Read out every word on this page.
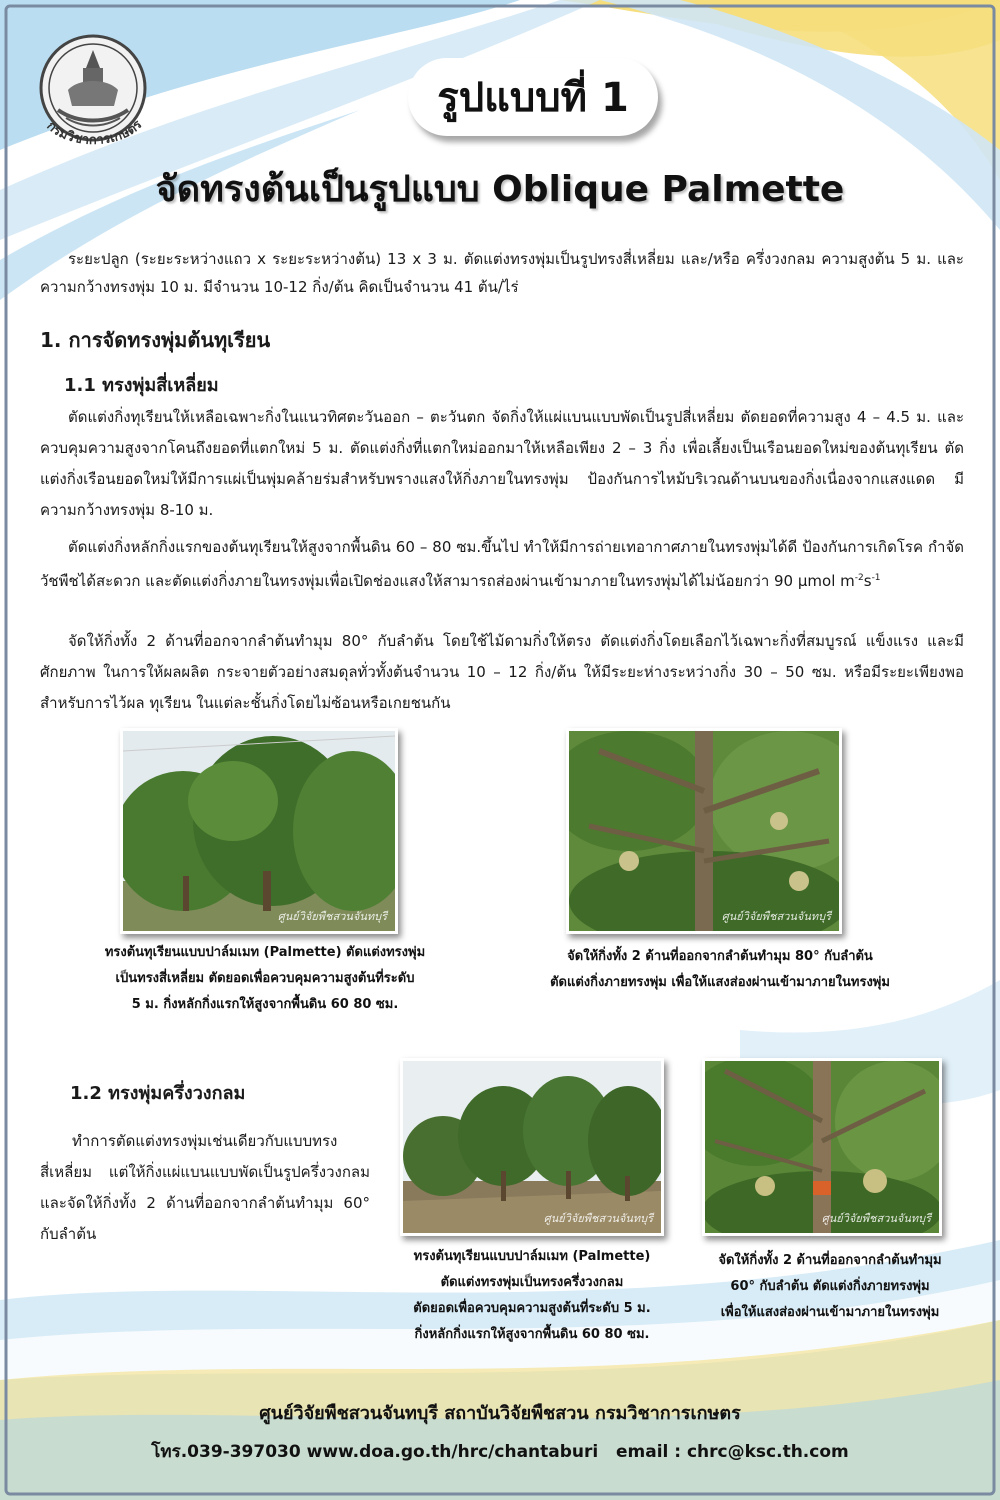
กรมวิชาการเกษตร
รูปแบบที่ 1
จัดทรงต้นเป็นรูปแบบ Oblique Palmette
ระยะปลูก (ระยะระหว่างแถว x ระยะระหว่างต้น) 13 x 3 ม. ตัดแต่งทรงพุ่มเป็นรูปทรงสี่เหลี่ยม และ/หรือ ครึ่งวงกลม ความสูงต้น 5 ม. และความกว้างทรงพุ่ม 10 ม. มีจำนวน 10-12 กิ่ง/ต้น คิดเป็นจำนวน 41 ต้น/ไร่
1. การจัดทรงพุ่มต้นทุเรียน
1.1 ทรงพุ่มสี่เหลี่ยม
ตัดแต่งกิ่งทุเรียนให้เหลือเฉพาะกิ่งในแนวทิศตะวันออก – ตะวันตก จัดกิ่งให้แผ่แบนแบบพัดเป็นรูปสี่เหลี่ยม ตัดยอดที่ความสูง 4 – 4.5 ม. และควบคุมความสูงจากโคนถึงยอดที่แตกใหม่ 5 ม. ตัดแต่งกิ่งที่แตกใหม่ออกมาให้เหลือเพียง 2 – 3 กิ่ง เพื่อเลี้ยงเป็นเรือนยอดใหม่ของต้นทุเรียน ตัดแต่งกิ่งเรือนยอดใหม่ให้มีการแผ่เป็นพุ่มคล้ายร่มสำหรับพรางแสงให้กิ่งภายในทรงพุ่ม ป้องกันการไหม้บริเวณด้านบนของกิ่งเนื่องจากแสงแดด มีความกว้างทรงพุ่ม 8-10 ม.
ตัดแต่งกิ่งหลักกิ่งแรกของต้นทุเรียนให้สูงจากพื้นดิน 60 – 80 ซม.ขึ้นไป ทำให้มีการถ่ายเทอากาศภายในทรงพุ่มได้ดี ป้องกันการเกิดโรค กำจัดวัชพืชได้สะดวก และตัดแต่งกิ่งภายในทรงพุ่มเพื่อเปิดช่องแสงให้สามารถส่องผ่านเข้ามาภายในทรงพุ่มได้ไม่น้อยกว่า 90 µmol $m^{-2}s^{-1}$
จัดให้กิ่งทั้ง 2 ด้านที่ออกจากลำต้นทำมุม 80° กับลำต้น โดยใช้ไม้ดามกิ่งให้ตรง ตัดแต่งกิ่งโดยเลือกไว้เฉพาะกิ่งที่สมบูรณ์ แข็งแรง และมีศักยภาพ ในการให้ผลผลิต กระจายตัวอย่างสมดุลทั่วทั้งต้นจำนวน 10 – 12 กิ่ง/ต้น ให้มีระยะห่างระหว่างกิ่ง 30 – 50 ซม. หรือมีระยะเพียงพอสำหรับการไว้ผล ทุเรียน ในแต่ละชั้นกิ่งโดยไม่ซ้อนหรือเกยชนกัน
ศูนย์วิจัยพืชสวนจันทบุรี	ศูนย์วิจัยพืชสวนจันทบุรี
ทรงต้นทุเรียนแบบปาล์มเมท (Palmette) ตัดแต่งทรงพุ่ม
เป็นทรงสี่เหลี่ยม ตัดยอดเพื่อควบคุมความสูงต้นที่ระดับ
5 ม. กิ่งหลักกิ่งแรกให้สูงจากพื้นดิน 60 80 ซม.
จัดให้กิ่งทั้ง 2 ด้านที่ออกจากลำต้นทำมุม 80° กับลำต้น
ตัดแต่งกิ่งภายทรงพุ่ม เพื่อให้แสงส่องผ่านเข้ามาภายในทรงพุ่ม
1.2 ทรงพุ่มครึ่งวงกลม
ทำการตัดแต่งทรงพุ่มเช่นเดียวกับแบบทรงสี่เหลี่ยม แต่ให้กิ่งแผ่แบนแบบพัดเป็นรูปครึ่งวงกลม และจัดให้กิ่งทั้ง 2 ด้านที่ออกจากลำต้นทำมุม 60° กับลำต้น
ศูนย์วิจัยพืชสวนจันทบุรี	ศูนย์วิจัยพืชสวนจันทบุรี
ทรงต้นทุเรียนแบบปาล์มเมท (Palmette)
ตัดแต่งทรงพุ่มเป็นทรงครึ่งวงกลม
ตัดยอดเพื่อควบคุมความสูงต้นที่ระดับ 5 ม.
กิ่งหลักกิ่งแรกให้สูงจากพื้นดิน 60 80 ซม.
จัดให้กิ่งทั้ง 2 ด้านที่ออกจากลำต้นทำมุม
60° กับลำต้น ตัดแต่งกิ่งภายทรงพุ่ม
เพื่อให้แสงส่องผ่านเข้ามาภายในทรงพุ่ม
ศูนย์วิจัยพืชสวนจันทบุรี สถาบันวิจัยพืชสวน กรมวิชาการเกษตร
โทร.039-397030 www.doa.go.th/hrc/chantaburi   email : chrc@ksc.th.com
